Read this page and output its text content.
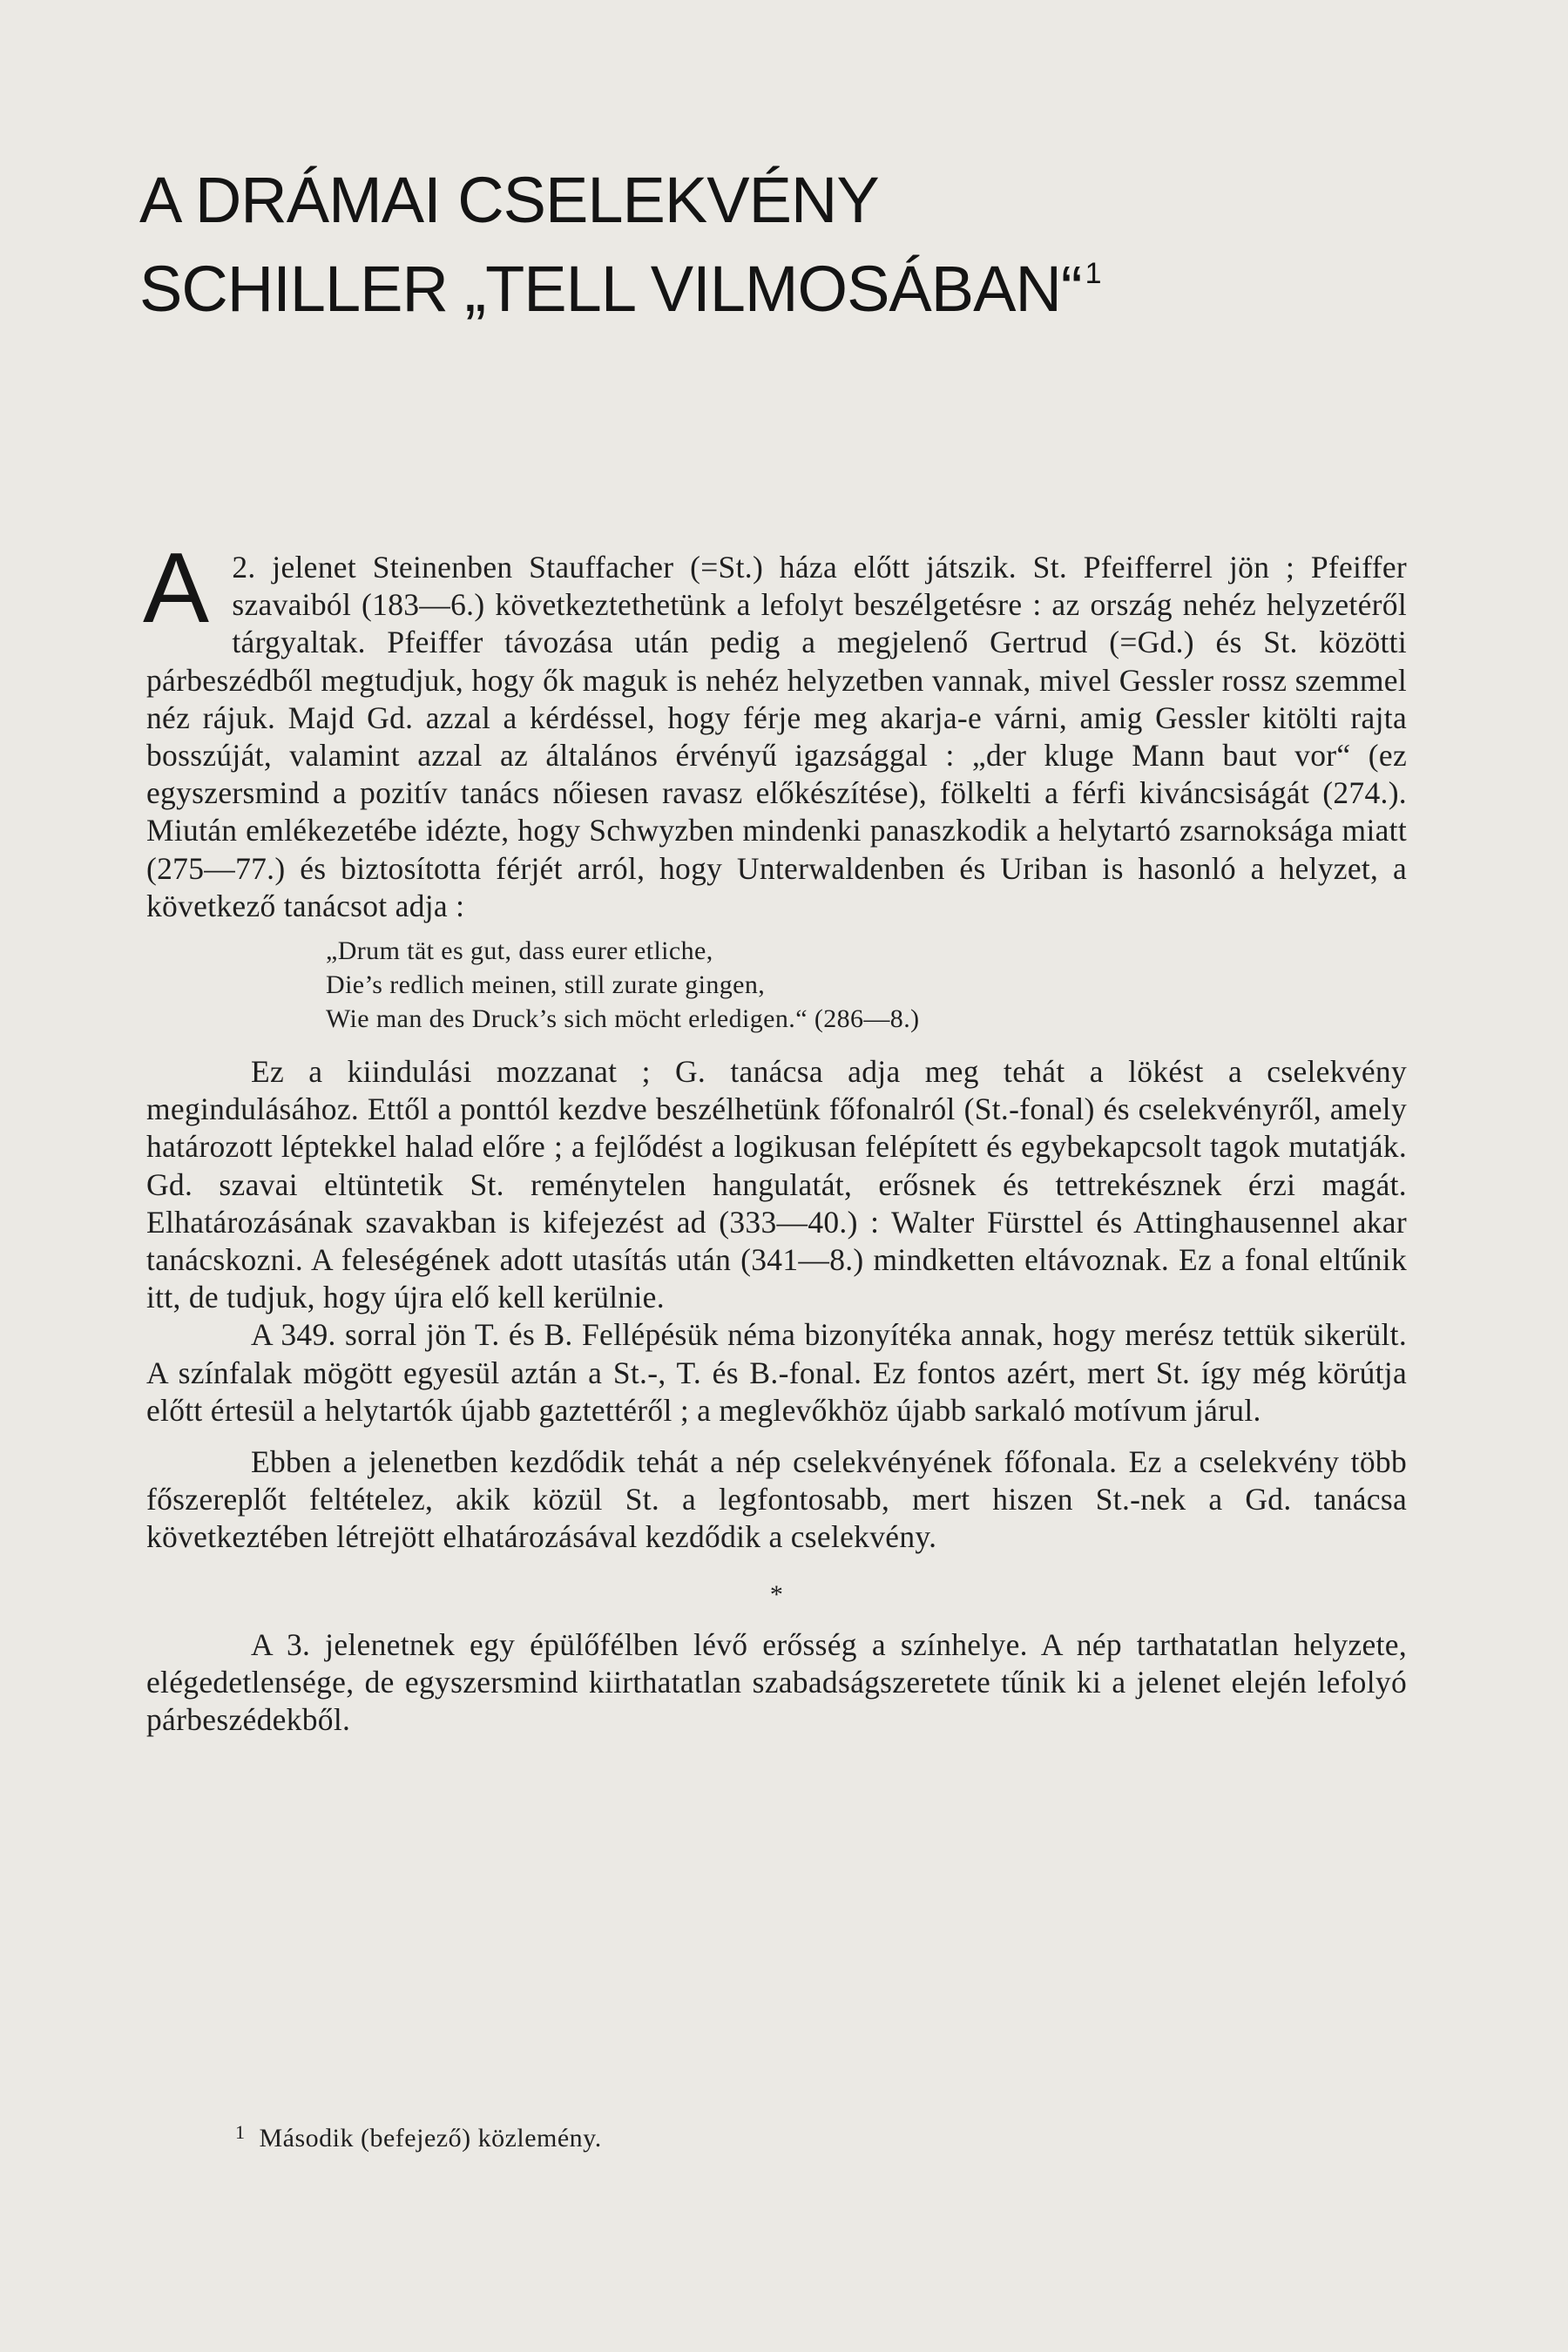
A DRÁMAI CSELEKVÉNY
SCHILLER „TELL VILMOSÁBAN“ $^1$

A 2. jelenet Steinenben Stauffacher (=St.) háza előtt játszik. St. Pfeifferrel jön ; Pfeiffer szavaiból (183—6.) következtethetünk a lefolyt beszélgetésre : az ország nehéz helyzetéről tárgyaltak. Pfeiffer távozása után pedig a megjelenő Gertrud (=Gd.) és St. közötti párbeszédből megtudjuk, hogy ők maguk is nehéz helyzetben vannak, mivel Gessler rossz szemmel néz rájuk. Majd Gd. azzal a kérdéssel, hogy férje meg akarja-e várni, amig Gessler kitölti rajta bosszúját, valamint azzal az általános érvényű igazsággal : „der kluge Mann baut vor“ (ez egyszersmind a pozitív tanács nőiesen ravasz előkészítése), fölkelti a férfi kiváncsiságát (274.). Miután emlékezetébe idézte, hogy Schwyzben mindenki panaszkodik a helytartó zsarnoksága miatt (275—77.) és biztosította férjét arról, hogy Unterwaldenben és Uriban is hasonló a helyzet, a következő tanácsot adja :

„Drum tät es gut, dass eurer etliche,
Die’s redlich meinen, still zurate gingen,
Wie man des Druck’s sich möcht erledigen.“ (286—8.)

Ez a kiindulási mozzanat ; G. tanácsa adja meg tehát a lökést a cselekvény megindulásához. Ettől a ponttól kezdve beszélhetünk főfonalról (St.-fonal) és cselekvényről, amely határozott léptekkel halad előre ; a fejlődést a logikusan felépített és egybekapcsolt tagok mutatják. Gd. szavai eltüntetik St. reménytelen hangulatát, erősnek és tettrekésznek érzi magát. Elhatározásának szavakban is kifejezést ad (333—40.) : Walter Fürsttel és Attinghausennel akar tanácskozni. A feleségének adott utasítás után (341—8.) mindketten eltávoznak. Ez a fonal eltűnik itt, de tudjuk, hogy újra elő kell kerülnie.

A 349. sorral jön T. és B. Fellépésük néma bizonyítéka annak, hogy merész tettük sikerült. A színfalak mögött egyesül aztán a St.-, T. és B.-fonal. Ez fontos azért, mert St. így még körútja előtt értesül a helytartók újabb gaztettéről ; a meglevőkhöz újabb sarkaló motívum járul.

Ebben a jelenetben kezdődik tehát a nép cselekvényének főfonala. Ez a cselekvény több főszereplőt feltételez, akik közül St. a legfontosabb, mert hiszen St.-nek a Gd. tanácsa következtében létrejött elhatározásával kezdődik a cselekvény.

*

A 3. jelenetnek egy épülőfélben lévő erősség a színhelye. A nép tarthatatlan helyzete, elégedetlensége, de egyszersmind kiirthatatlan szabadságszeretete tűnik ki a jelenet elején lefolyó párbeszédekből.

$^1$ Második (befejező) közlemény.
